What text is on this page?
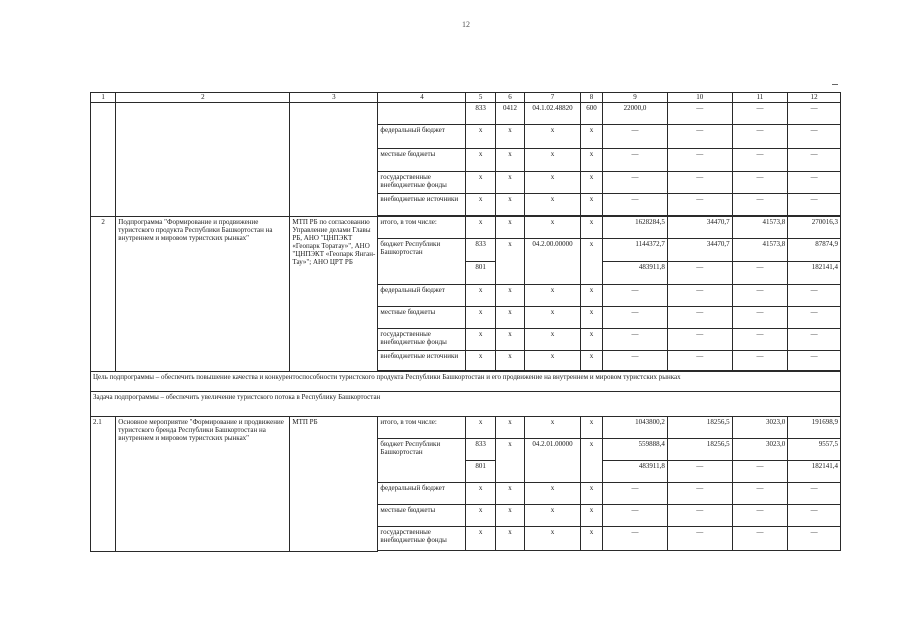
12
1	2	3	4	5	6	7	8	9	10	11	12
				833	0412	04.1.02.48820	600	22000,0	—	—	—
			федеральный бюджет	x	x	x	x	—	—	—	—
			местные бюджеты	x	x	x	x	—	—	—	—
			государственные внебюджетные фонды	x	x	x	x	—	—	—	—
			внебюджетные источники	x	x	x	x	—	—	—	—

2	Подпрограмма "Формирование и продвижение туристского продукта Республики Башкортостан на внутреннем и мировом туристских рынках"	МТП РБ по согласованию Управление делами Главы РБ, АНО "ЦНПЭКТ «Геопарк Торатау»", АНО "ЦНПЭКТ «Геопарк Янган-Тау»"; АНО ЦРТ РБ	итого, в том числе:	x	x	x	x	1628284,5	34470,7	41573,8	270016,3
			бюджет Республики Башкортостан	833	x	04.2.00.00000	x	1144372,7	34470,7	41573,8	87874,9
				801				483911,8	—	—	182141,4
			федеральный бюджет	x	x	x	x	—	—	—	—
			местные бюджеты	x	x	x	x	—	—	—	—
			государственные внебюджетные фонды	x	x	x	x	—	—	—	—
			внебюджетные источники	x	x	x	x	—	—	—	—

Цель подпрограммы – обеспечить повышение качества и конкурентоспособности туристского продукта Республики Башкортостан и его продвижение на внутреннем и мировом туристских рынках											
Задача подпрограммы – обеспечить увеличение туристского потока в Республику Башкортостан											
2.1	Основное мероприятие "Формирование и продвижение туристского бренда Республики Башкортостан на внутреннем и мировом туристских рынках"	МТП РБ	итого, в том числе:	x	x	x	x	1043800,2	18256,5	3023,0	191698,9
			бюджет Республики Башкортостан	833	x	04.2.01.00000	x	559888,4	18256,5	3023,0	9557,5
				801				483911,8	—	—	182141,4
			федеральный бюджет	x	x	x	x	—	—	—	—
			местные бюджеты	x	x	x	x	—	—	—	—
			государственные внебюджетные фонды	x	x	x	x	—	—	—	—
